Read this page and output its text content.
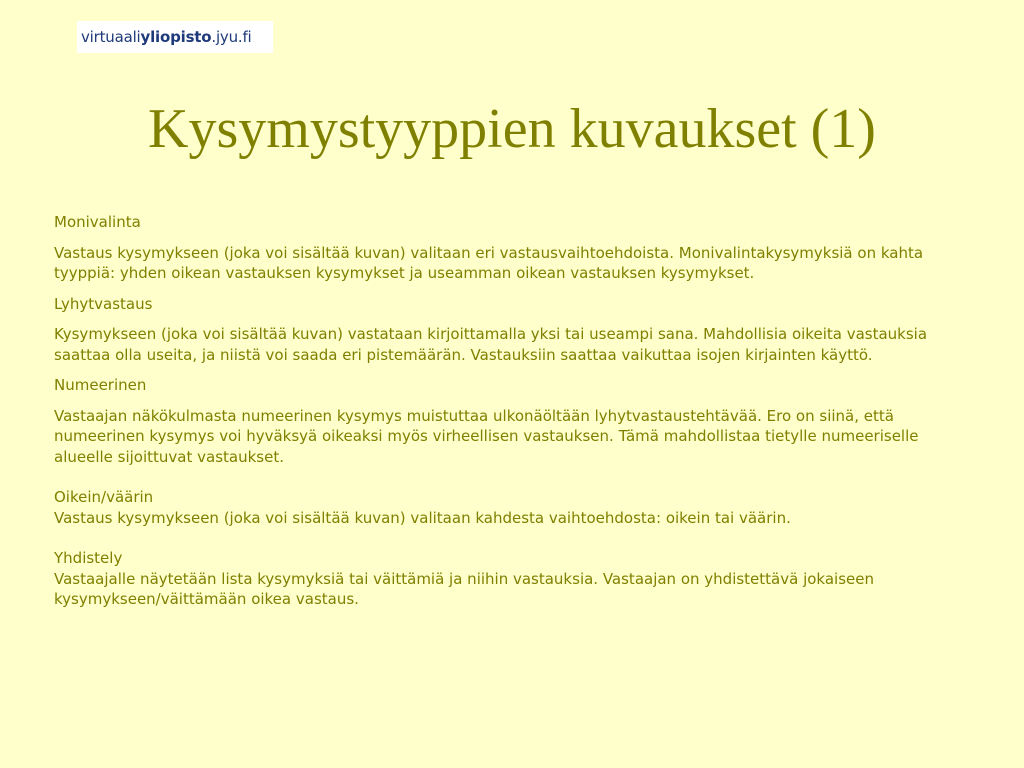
virtuaali yliopisto .jyu.fi
Kysymystyyppien kuvaukset (1)

Monivalinta

Vastaus kysymykseen (joka voi sisältää kuvan) valitaan eri vastausvaihtoehdoista. Monivalintakysymyksiä on kahta tyyppiä: yhden oikean vastauksen kysymykset ja useamman oikean vastauksen kysymykset.

Lyhytvastaus

Kysymykseen (joka voi sisältää kuvan) vastataan kirjoittamalla yksi tai useampi sana. Mahdollisia oikeita vastauksia saattaa olla useita, ja niistä voi saada eri pistemäärän. Vastauksiin saattaa vaikuttaa isojen kirjainten käyttö.

Numeerinen

Vastaajan näkökulmasta numeerinen kysymys muistuttaa ulkonäöltään lyhytvastaustehtävää. Ero on siinä, että numeerinen kysymys voi hyväksyä oikeaksi myös virheellisen vastauksen. Tämä mahdollistaa tietylle numeeriselle alueelle sijoittuvat vastaukset.

Oikein/väärin
Vastaus kysymykseen (joka voi sisältää kuvan) valitaan kahdesta vaihtoehdosta: oikein tai väärin.
Yhdistely
Vastaajalle näytetään lista kysymyksiä tai väittämiä ja niihin vastauksia. Vastaajan on yhdistettävä jokaiseen kysymykseen/väittämään oikea vastaus.
